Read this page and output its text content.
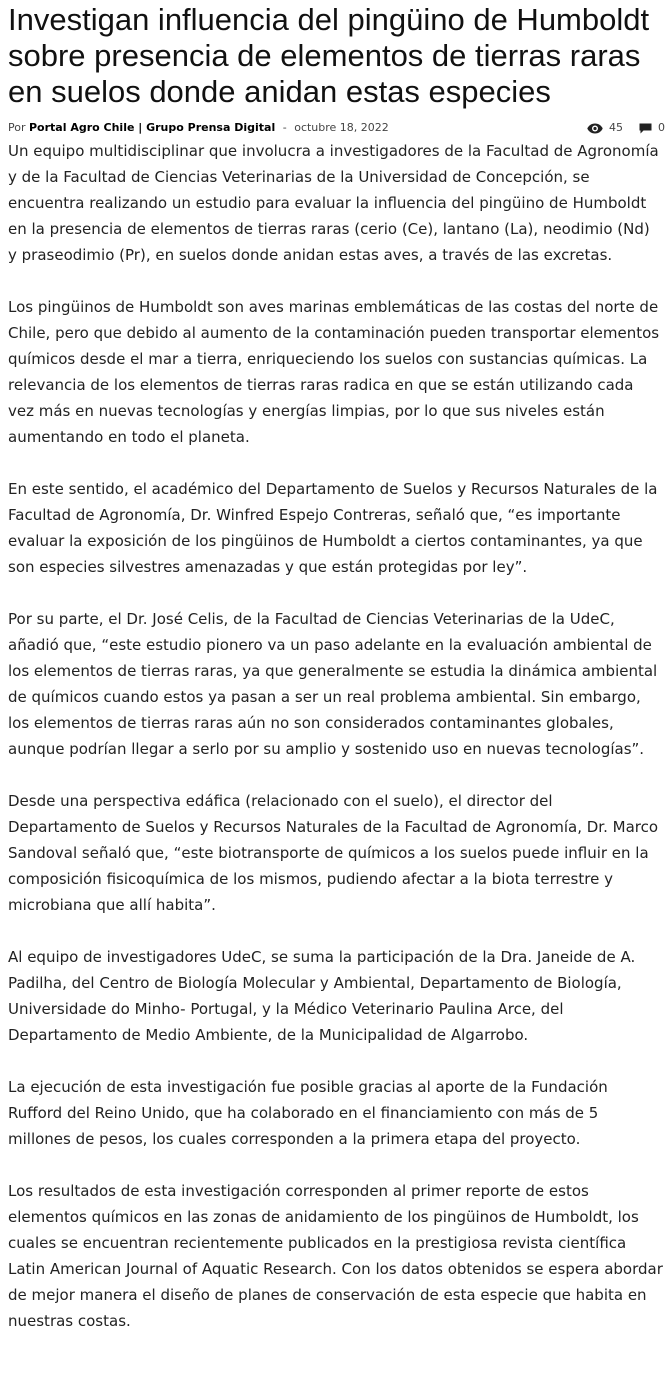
Investigan influencia del pingüino de Humboldt sobre presencia de elementos de tierras raras en suelos donde anidan estas especies
Por Portal Agro Chile | Grupo Prensa Digital - octubre 18, 2022	45	0

Un equipo multidisciplinar que involucra a investigadores de la Facultad de Agronomía y de la Facultad de Ciencias Veterinarias de la Universidad de Concepción, se encuentra realizando un estudio para evaluar la influencia del pingüino de Humboldt en la presencia de elementos de tierras raras (cerio (Ce), lantano (La), neodimio (Nd) y praseodimio (Pr), en suelos donde anidan estas aves, a través de las excretas.

Los pingüinos de Humboldt son aves marinas emblemáticas de las costas del norte de Chile, pero que debido al aumento de la contaminación pueden transportar elementos químicos desde el mar a tierra, enriqueciendo los suelos con sustancias químicas. La relevancia de los elementos de tierras raras radica en que se están utilizando cada vez más en nuevas tecnologías y energías limpias, por lo que sus niveles están aumentando en todo el planeta.

En este sentido, el académico del Departamento de Suelos y Recursos Naturales de la Facultad de Agronomía, Dr. Winfred Espejo Contreras, señaló que, “es importante evaluar la exposición de los pingüinos de Humboldt a ciertos contaminantes, ya que son especies silvestres amenazadas y que están protegidas por ley”.

Por su parte, el Dr. José Celis, de la Facultad de Ciencias Veterinarias de la UdeC, añadió que, “este estudio pionero va un paso adelante en la evaluación ambiental de los elementos de tierras raras, ya que generalmente se estudia la dinámica ambiental de químicos cuando estos ya pasan a ser un real problema ambiental. Sin embargo, los elementos de tierras raras aún no son considerados contaminantes globales, aunque podrían llegar a serlo por su amplio y sostenido uso en nuevas tecnologías”.

Desde una perspectiva edáfica (relacionado con el suelo), el director del Departamento de Suelos y Recursos Naturales de la Facultad de Agronomía, Dr. Marco Sandoval señaló que, “este biotransporte de químicos a los suelos puede influir en la composición fisicoquímica de los mismos, pudiendo afectar a la biota terrestre y microbiana que allí habita”.

Al equipo de investigadores UdeC, se suma la participación de la Dra. Janeide de A. Padilha, del Centro de Biología Molecular y Ambiental, Departamento de Biología, Universidade do Minho- Portugal, y la Médico Veterinario Paulina Arce, del Departamento de Medio Ambiente, de la Municipalidad de Algarrobo.

La ejecución de esta investigación fue posible gracias al aporte de la Fundación Rufford del Reino Unido, que ha colaborado en el financiamiento con más de 5 millones de pesos, los cuales corresponden a la primera etapa del proyecto.

Los resultados de esta investigación corresponden al primer reporte de estos elementos químicos en las zonas de anidamiento de los pingüinos de Humboldt, los cuales se encuentran recientemente publicados en la prestigiosa revista científica Latin American Journal of Aquatic Research. Con los datos obtenidos se espera abordar de mejor manera el diseño de planes de conservación de esta especie que habita en nuestras costas.
